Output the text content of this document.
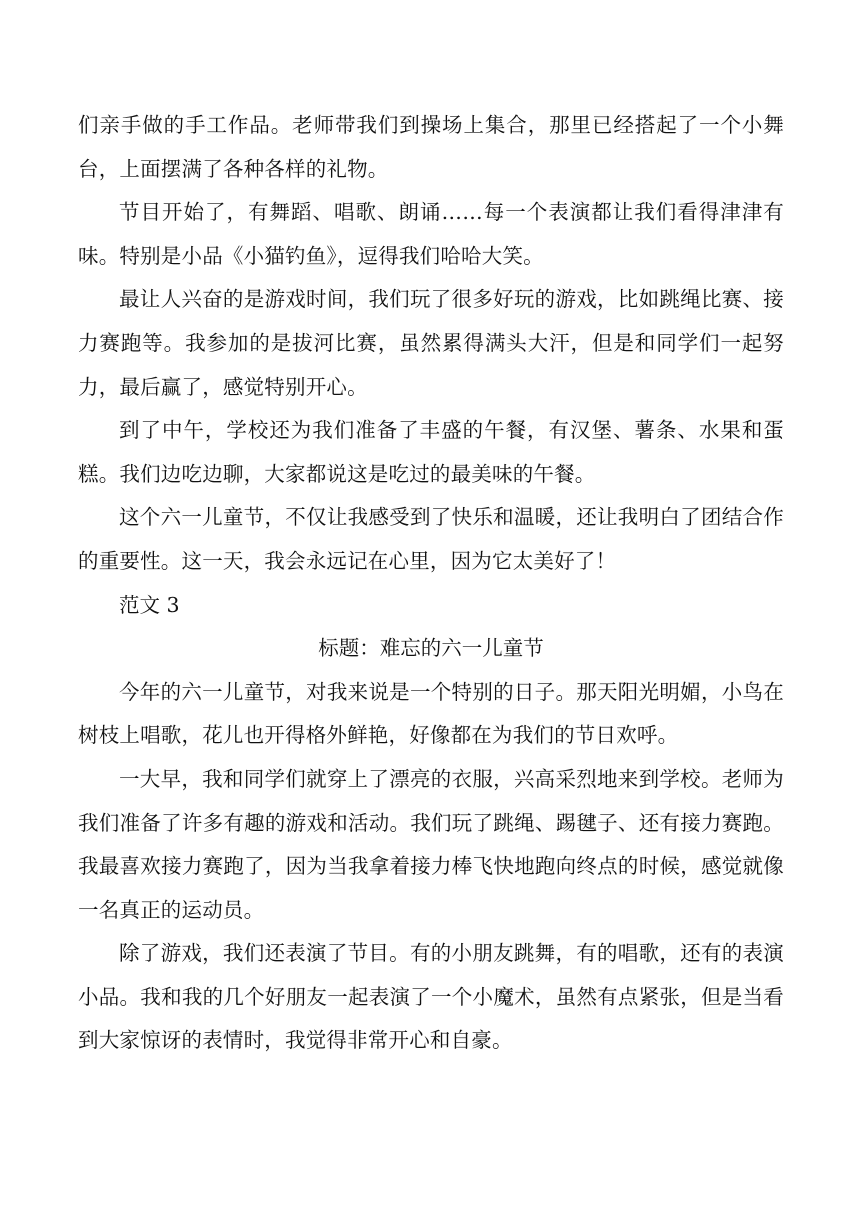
们亲手做的手工作品。老师带我们到操场上集合，那里已经搭起了一个小舞台，上面摆满了各种各样的礼物。

节目开始了，有舞蹈、唱歌、朗诵……每一个表演都让我们看得津津有味。特别是小品《小猫钓鱼》，逗得我们哈哈大笑。

最让人兴奋的是游戏时间，我们玩了很多好玩的游戏，比如跳绳比赛、接力赛跑等。我参加的是拔河比赛，虽然累得满头大汗，但是和同学们一起努力，最后赢了，感觉特别开心。

到了中午，学校还为我们准备了丰盛的午餐，有汉堡、薯条、水果和蛋糕。我们边吃边聊，大家都说这是吃过的最美味的午餐。

这个六一儿童节，不仅让我感受到了快乐和温暖，还让我明白了团结合作的重要性。这一天，我会永远记在心里，因为它太美好了！

范文 3

标题：难忘的六一儿童节

今年的六一儿童节，对我来说是一个特别的日子。那天阳光明媚，小鸟在树枝上唱歌，花儿也开得格外鲜艳，好像都在为我们的节日欢呼。

一大早，我和同学们就穿上了漂亮的衣服，兴高采烈地来到学校。老师为我们准备了许多有趣的游戏和活动。我们玩了跳绳、踢毽子、还有接力赛跑。我最喜欢接力赛跑了，因为当我拿着接力棒飞快地跑向终点的时候，感觉就像一名真正的运动员。

除了游戏，我们还表演了节目。有的小朋友跳舞，有的唱歌，还有的表演小品。我和我的几个好朋友一起表演了一个小魔术，虽然有点紧张，但是当看到大家惊讶的表情时，我觉得非常开心和自豪。
